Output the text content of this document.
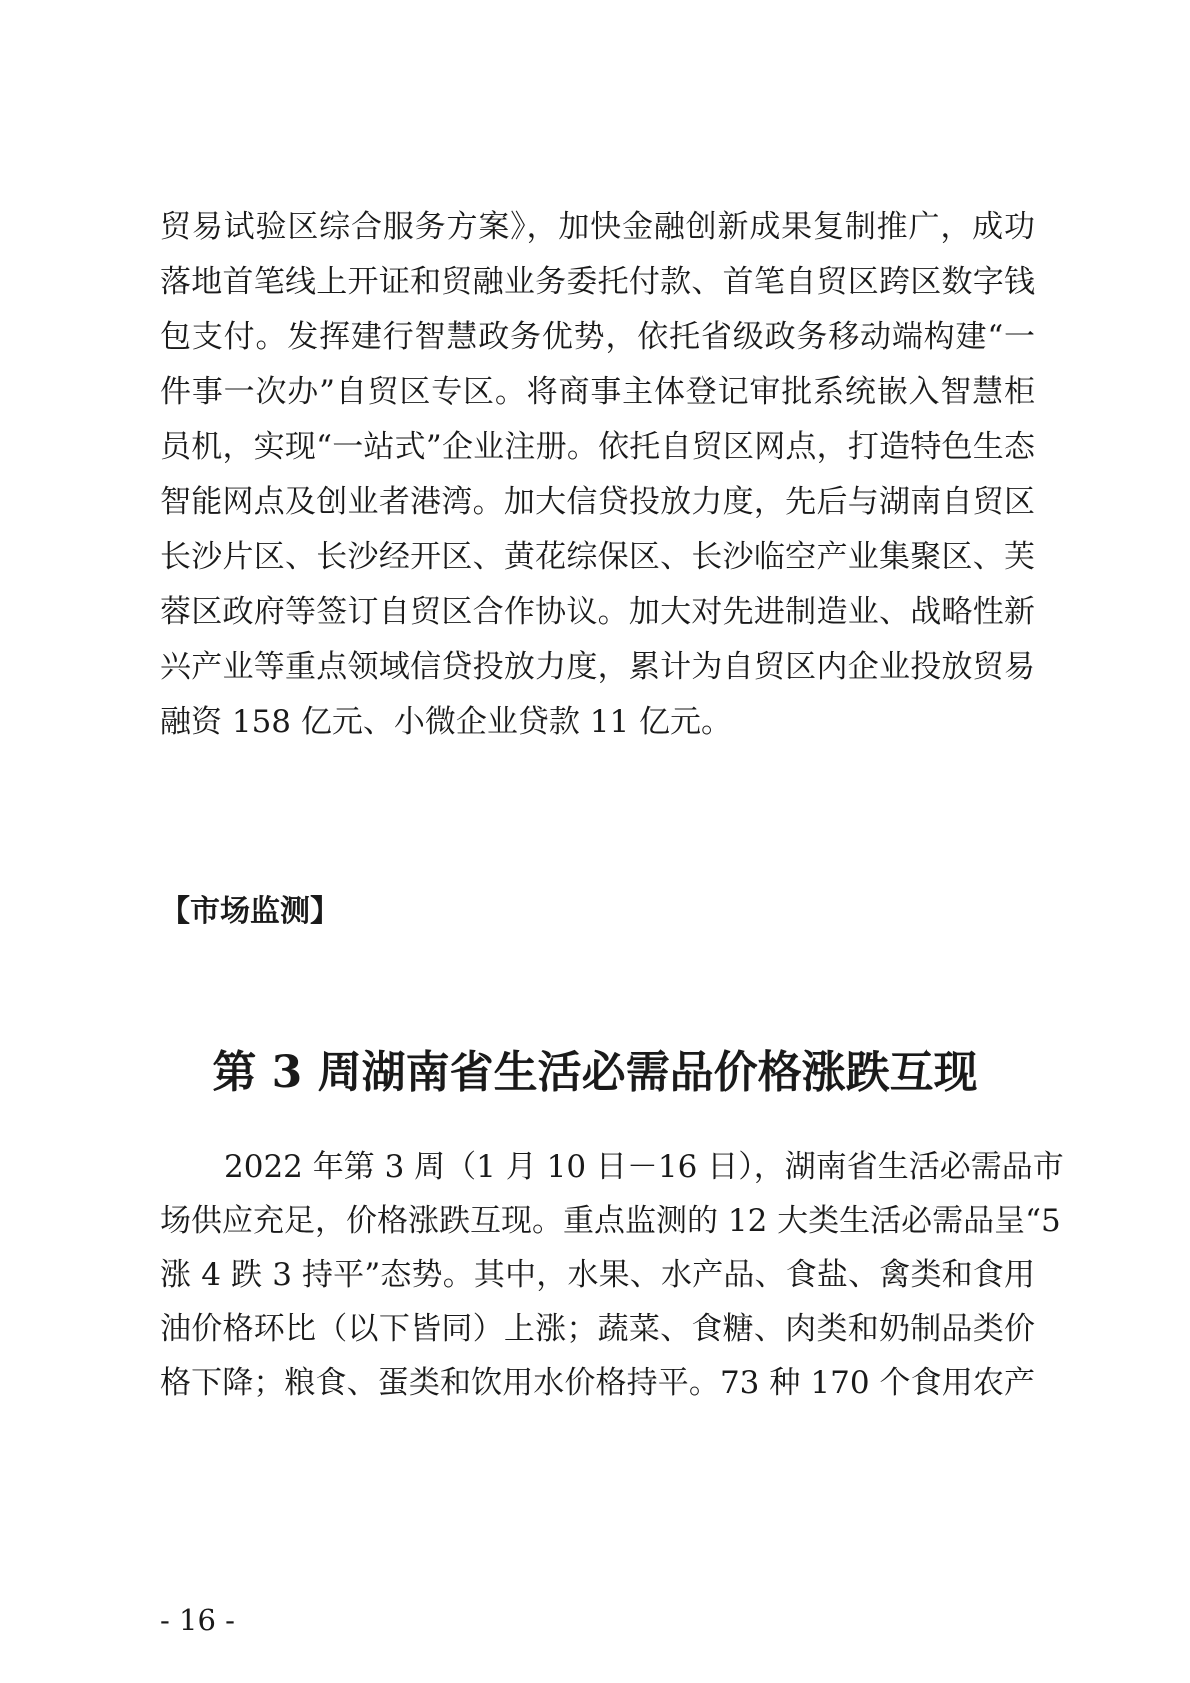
贸易试验区综合服务方案》，加快金融创新成果复制推广，成功
落地首笔线上开证和贸融业务委托付款、首笔自贸区跨区数字钱
包支付。发挥建行智慧政务优势，依托省级政务移动端构建“一
件事一次办”自贸区专区。将商事主体登记审批系统嵌入智慧柜
员机，实现“一站式”企业注册。依托自贸区网点，打造特色生态
智能网点及创业者港湾。加大信贷投放力度，先后与湖南自贸区
长沙片区、长沙经开区、黄花综保区、长沙临空产业集聚区、芙
蓉区政府等签订自贸区合作协议。加大对先进制造业、战略性新
兴产业等重点领域信贷投放力度，累计为自贸区内企业投放贸易
融资 158 亿元、小微企业贷款 11 亿元。
【市场监测】
第 3 周湖南省生活必需品价格涨跌互现
2022 年第 3 周（1 月 10 日－16 日），湖南省生活必需品市
场供应充足，价格涨跌互现。重点监测的 12 大类生活必需品呈“5
涨 4 跌 3 持平”态势。其中，水果、水产品、食盐、禽类和食用
油价格环比（以下皆同）上涨；蔬菜、食糖、肉类和奶制品类价
格下降；粮食、蛋类和饮用水价格持平。73 种 170 个食用农产
- 16 -
